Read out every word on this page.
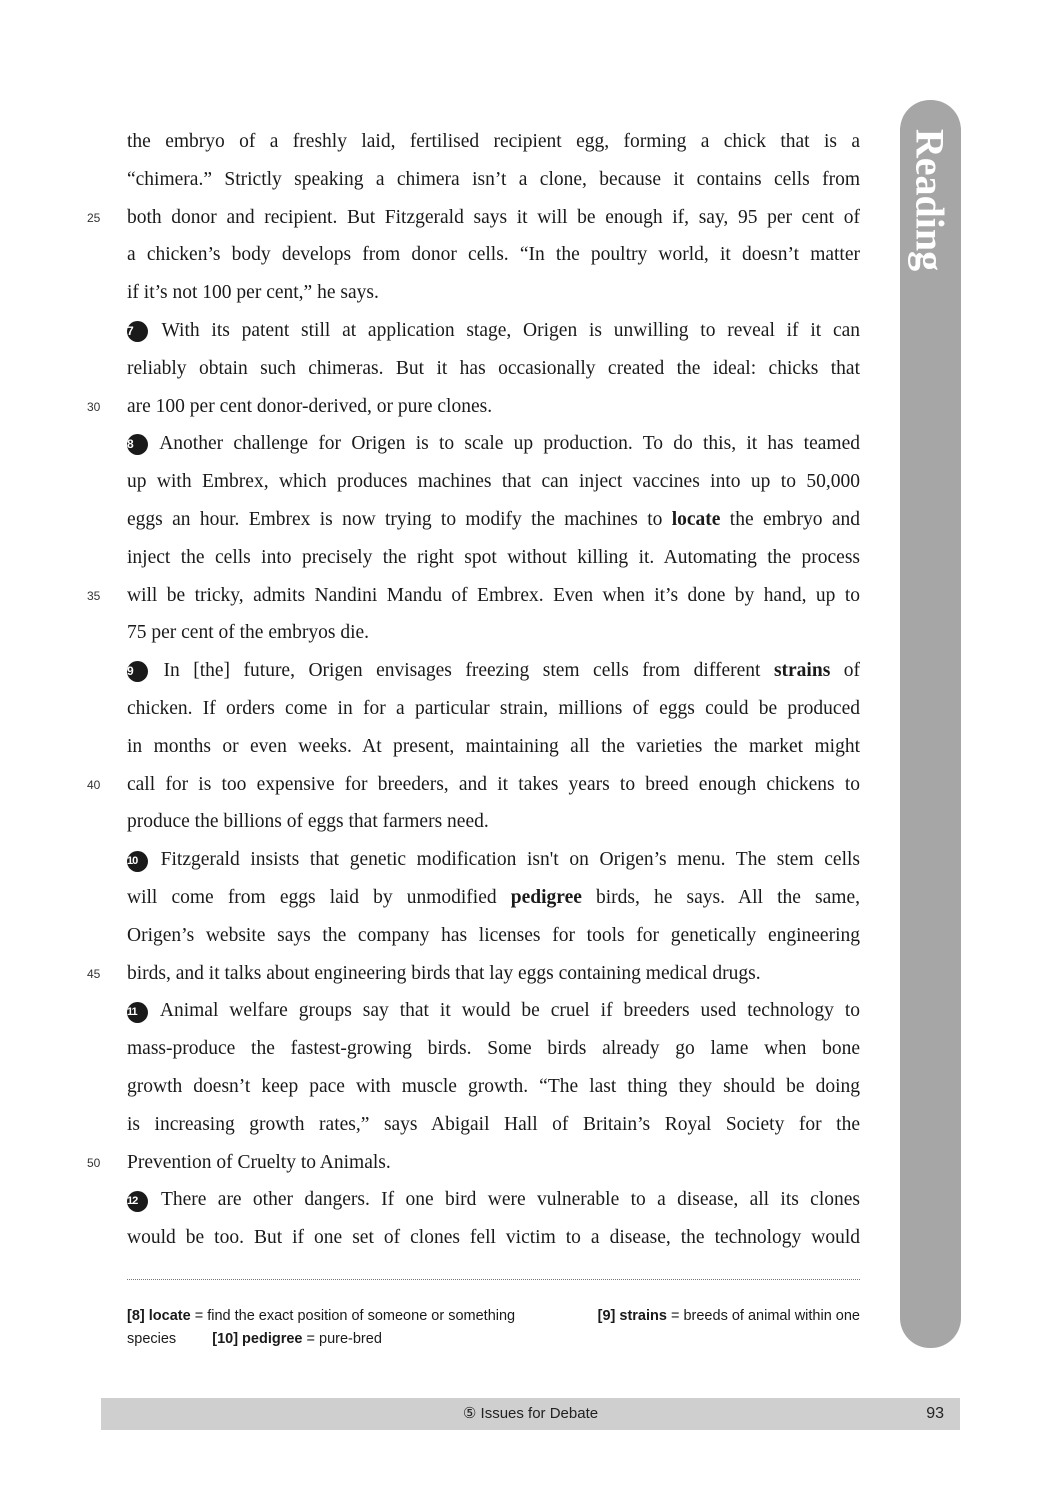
Reading
the embryo of a freshly laid, fertilised recipient egg, forming a chick that is a
“chimera.” Strictly speaking a chimera isn’t a clone, because it contains cells from
25 both donor and recipient. But Fitzgerald says it will be enough if, say, 95 per cent of
a chicken’s body develops from donor cells. “In the poultry world, it doesn’t matter
if it’s not 100 per cent,” he says.
7 With its patent still at application stage, Origen is unwilling to reveal if it can
reliably obtain such chimeras. But it has occasionally created the ideal: chicks that
30 are 100 per cent donor-derived, or pure clones.
8 Another challenge for Origen is to scale up production. To do this, it has teamed
up with Embrex, which produces machines that can inject vaccines into up to 50,000
eggs an hour. Embrex is now trying to modify the machines to locate the embryo and
inject the cells into precisely the right spot without killing it. Automating the process
35 will be tricky, admits Nandini Mandu of Embrex. Even when it’s done by hand, up to
75 per cent of the embryos die.
9 In [the] future, Origen envisages freezing stem cells from different strains of
chicken. If orders come in for a particular strain, millions of eggs could be produced
in months or even weeks. At present, maintaining all the varieties the market might
40 call for is too expensive for breeders, and it takes years to breed enough chickens to
produce the billions of eggs that farmers need.
10 Fitzgerald insists that genetic modification isn't on Origen’s menu. The stem cells
will come from eggs laid by unmodified pedigree birds, he says. All the same,
Origen’s website says the company has licenses for tools for genetically engineering
45 birds, and it talks about engineering birds that lay eggs containing medical drugs.
11 Animal welfare groups say that it would be cruel if breeders used technology to
mass-produce the fastest-growing birds. Some birds already go lame when bone
growth doesn’t keep pace with muscle growth. “The last thing they should be doing
is increasing growth rates,” says Abigail Hall of Britain’s Royal Society for the
50 Prevention of Cruelty to Animals.
12 There are other dangers. If one bird were vulnerable to a disease, all its clones
would be too. But if one set of clones fell victim to a disease, the technology would
[8] locate = find the exact position of someone or something	[9] strains = breeds of animal within one
species [10] pedigree = pure-bred
⑤ Issues for Debate	93
